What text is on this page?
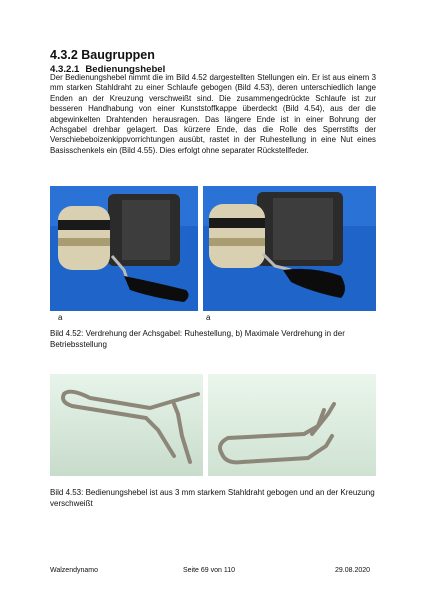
4.3.2 Baugruppen
4.3.2.1 Bedienungshebel

Der Bedienungshebel nimmt die im Bild 4.52 dargestellten Stellungen ein. Er ist aus einem 3 mm starken Stahldraht zu einer Schlaufe gebogen (Bild 4.53), deren unterschiedlich lange Enden an der Kreuzung verschweißt sind. Die zusammengedrückte Schlaufe ist zur besseren Handhabung von einer Kunststoffkappe überdeckt (Bild 4.54), aus der die abgewinkelten Drahtenden herausragen. Das längere Ende ist in einer Bohrung der Achsgabel drehbar gelagert. Das kürzere Ende, das die Rolle des Sperrstifts der Verschiebeboizenkippvorrichtungen ausübt, rastet in der Ruhestellung in eine Nut eines Basisschenkels ein (Bild 4.55). Dies erfolgt ohne separater Rückstellfeder.

a	a

Bild 4.52: Verdrehung der Achsgabel: Ruhestellung, b) Maximale Verdrehung in der Betriebsstellung

Bild 4.53: Bedienungshebel ist aus 3 mm starkem Stahldraht gebogen und an der Kreuzung verschweißt

Walzendynamo	Seite 69 von 110	29.08.2020
